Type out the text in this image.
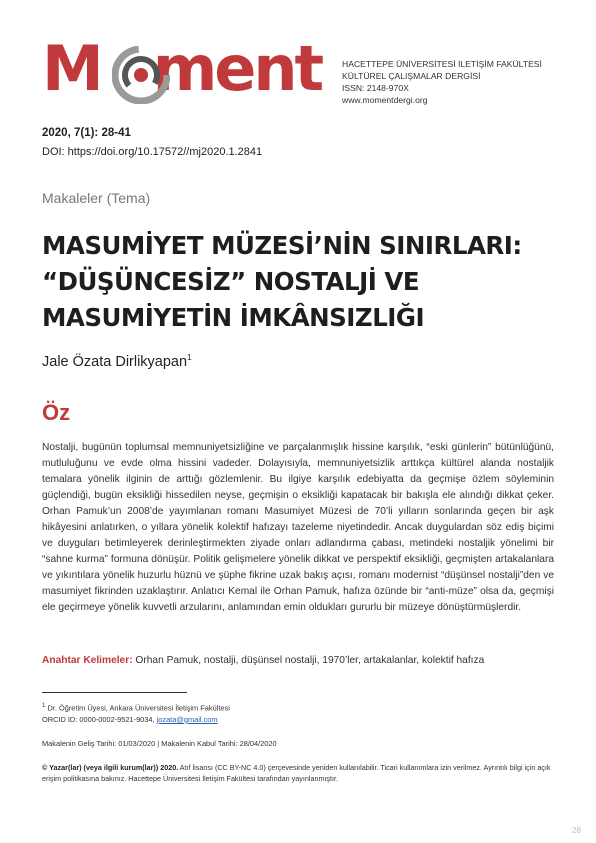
M ment HACETTEPE ÜNİVERSİTESİ İLETİŞİM FAKÜLTESİ
KÜLTÜREL ÇALIŞMALAR DERGİSİ
ISSN: 2148-970X
www.momentdergi.org
2020, 7(1): 28-41
DOI: https://doi.org/10.17572//mj2020.1.2841
Makaleler (Tema)
MASUMİYET MÜZESİ’NİN SINIRLARI:
“DÜŞÜNCESİZ” NOSTALJİ VE
MASUMİYETİN İMKÂNSIZLIĞI
Jale Özata Dirlikyapan$^1$
Öz
Nostalji, bugünün toplumsal memnuniyetsizliğine ve parçalanmışlık hissine karşılık, “eski günlerin” bütünlüğünü, mutluluğunu ve evde olma hissini vadeder. Dolayısıyla, memnuniyetsizlik arttıkça kültürel alanda nostaljik temalara yönelik ilginin de arttığı gözlemlenir. Bu ilgiye karşılık edebiyatta da geçmişe özlem söyleminin güçlendiği, bugün eksikliği hissedilen neyse, geçmişin o eksikliği kapatacak bir bakışla ele alındığı dikkat çeker. Orhan Pamuk’un 2008’de yayımlanan romanı Masumiyet Müzesi de 70’li yılların sonlarında geçen bir aşk hikâyesini anlatırken, o yıllara yönelik kolektif hafızayı tazeleme niyetindedir. Ancak duygulardan söz ediş biçimi ve duyguları betimleyerek derinleştirmekten ziyade onları adlandırma çabası, metindeki nostaljik yönelimi bir “sahne kurma” formuna dönüşür. Politik gelişmelere yönelik dikkat ve perspektif eksikliği, geçmişten artakalanlara ve yıkıntılara yönelik huzurlu hüznü ve şüphe fikrine uzak bakış açısı, romanı modernist “düşünsel nostalji”den ve masumiyet fikrinden uzaklaştırır. Anlatıcı Kemal ile Orhan Pamuk, hafıza özünde bir “anti-müze” olsa da, geçmişi ele geçirmeye yönelik kuvvetli arzularını, anlamından emin oldukları gururlu bir müzeye dönüştürmüşlerdir.
Anahtar Kelimeler: Orhan Pamuk, nostalji, düşünsel nostalji, 1970’ler, artakalanlar, kolektif hafıza
$^1$ Dr. Öğretim Üyesi, Ankara Üniversitesi İletişim Fakültesi
ORCID ID: 0000-0002-9521-9034, jozata@gmail.com
Makalenin Geliş Tarihi: 01/03/2020 | Makalenin Kabul Tarihi: 28/04/2020
© Yazar(lar) (veya ilgili kurum(lar)) 2020. Atıf lisansı (CC BY-NC 4.0) çerçevesinde yeniden kullanılabilir. Ticari kullanımlara izin verilmez. Ayrıntılı bilgi için açık erişim politikasına bakınız. Hacettepe Üniversitesi İletişim Fakültesi tarafından yayınlanmıştır.
28
